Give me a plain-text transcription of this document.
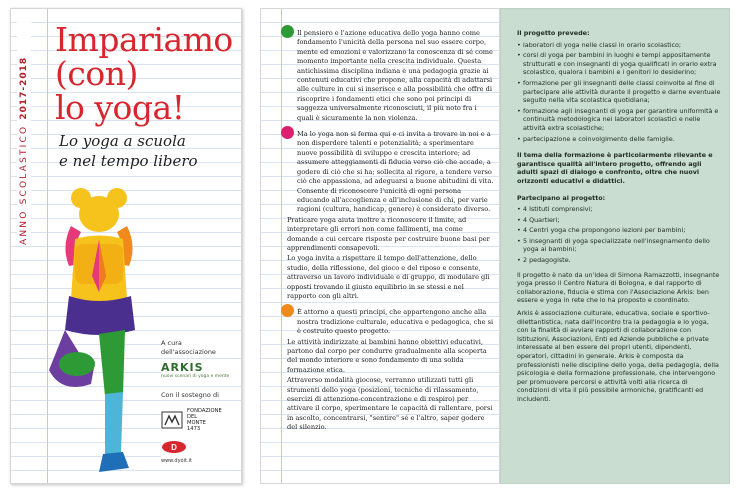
ANNO SCOLASTICO 2017-2018
Impariamo
(con)
lo yoga!
Lo yoga a scuola
e nel tempo libero
A cura
dell'associazione
ARKIS
nuovi scenari di yoga e mente
Con il sostegno di
FONDAZIONE
DEL
MONTE
1473
D
www.dyoit.it

Il pensiero e l'azione educativa dello yoga hanno come fondamento l'unicità della persona nel suo essere corpo, mente ed emozioni e valorizzano la conoscenza di sé come momento importante nella crescita individuale. Questa antichissima disciplina indiana è una pedagogia grazie ai contenuti educativi che propone, alla capacità di adattarsi alle culture in cui si inserisce e alla possibilità che offre di riscoprire i fondamenti etici che sono poi principi di saggezza universalmente riconosciuti, il più noto fra i quali è sicuramente la non violenza.

Ma lo yoga non si ferma qui e ci invita a trovare in noi e a non disperdere talenti e potenzialità; a sperimentare nuove possibilità di sviluppo e crescita interiore; ad assumere atteggiamenti di fiducia verso ciò che accade, a godere di ciò che si ha; sollecita al rigore, a tendere verso ciò che appassiona, ad adeguarsi a buone abitudini di vita. Consente di riconoscere l'unicità di ogni persona educando all'accoglienza e all'inclusione di chi, per varie ragioni (cultura, handicap, genere) è considerato diverso.

Praticare yoga aiuta inoltre a riconoscere il limite, ad interpretare gli errori non come fallimenti, ma come domande a cui cercare risposte per costruire buone basi per apprendimenti consapevoli.

Lo yoga invita a rispettare il tempo dell'attenzione, dello studio, della riflessione, del gioco e del riposo e consente, attraverso un lavoro individuale e di gruppo, di modulare gli opposti trovando il giusto equilibrio in se stessi e nel rapporto con gli altri.

È attorno a questi principi, che appartengono anche alla nostra tradizione culturale, educativa e pedagogica, che si è costruito questo progetto.

Le attività indirizzate ai bambini hanno obiettivi educativi, partono dal corpo per condurre gradualmente alla scoperta del mondo interiore e sono fondamento di una solida formazione etica.

Attraverso modalità giocose, verranno utilizzati tutti gli strumenti dello yoga (posizioni, tecniche di rilassamento, esercizi di attenzione-concentrazione e di respiro) per attivare il corpo, sperimentare le capacità di rallentare, porsi in ascolto, concentrarsi, "sentire" sé e l'altro, saper godere del silenzio.

Il progetto prevede:
• laboratori di yoga nelle classi in orario scolastico;
• corsi di yoga per bambini in luoghi e tempi appositamente strutturati e con insegnanti di yoga qualificati in orario extra scolastico, qualora i bambini e i genitori lo desiderino;
• formazione per gli insegnanti delle classi coinvolte al fine di partecipare alle attività durante il progetto e darne eventuale seguito nella vita scolastica quotidiana;
• formazione agli insegnanti di yoga per garantire uniformità e continuità metodologica nei laboratori scolastici e nelle attività extra scolastiche;
• partecipazione e coinvolgimento delle famiglie.
Il tema della formazione è particolarmente rilevante e garantisce qualità all'intero progetto, offrendo agli adulti spazi di dialogo e confronto, oltre che nuovi orizzonti educativi e didattici.
Partecipano al progetto:
• 4 Istituti comprensivi;
• 4 Quartieri;
• 4 Centri yoga che propongono lezioni per bambini;
• 5 insegnanti di yoga specializzate nell'insegnamento dello yoga ai bambini;
• 2 pedagogiste.
Il progetto è nato da un'idea di Simona Ramazzotti, insegnante yoga presso il Centro Natura di Bologna, e dal rapporto di collaborazione, fiducia e stima con l'Associazione Arkis: ben essere e yoga in rete che lo ha proposto e coordinato.
Arkis è associazione culturale, educativa, sociale e sportivo-dilettantistica, nata dall'incontro tra la pedagogia e lo yoga, con la finalità di avviare rapporti di collaborazione con Istituzioni, Associazioni, Enti ed Aziende pubbliche e private interessate al ben essere dei propri utenti, dipendenti, operatori, cittadini in generale. Arkis è composta da professionisti nelle discipline dello yoga, della pedagogia, della psicologia e della formazione professionale, che intervengono per promuovere percorsi e attività volti alla ricerca di condizioni di vita il più possibile armoniche, gratificanti ed includenti.
